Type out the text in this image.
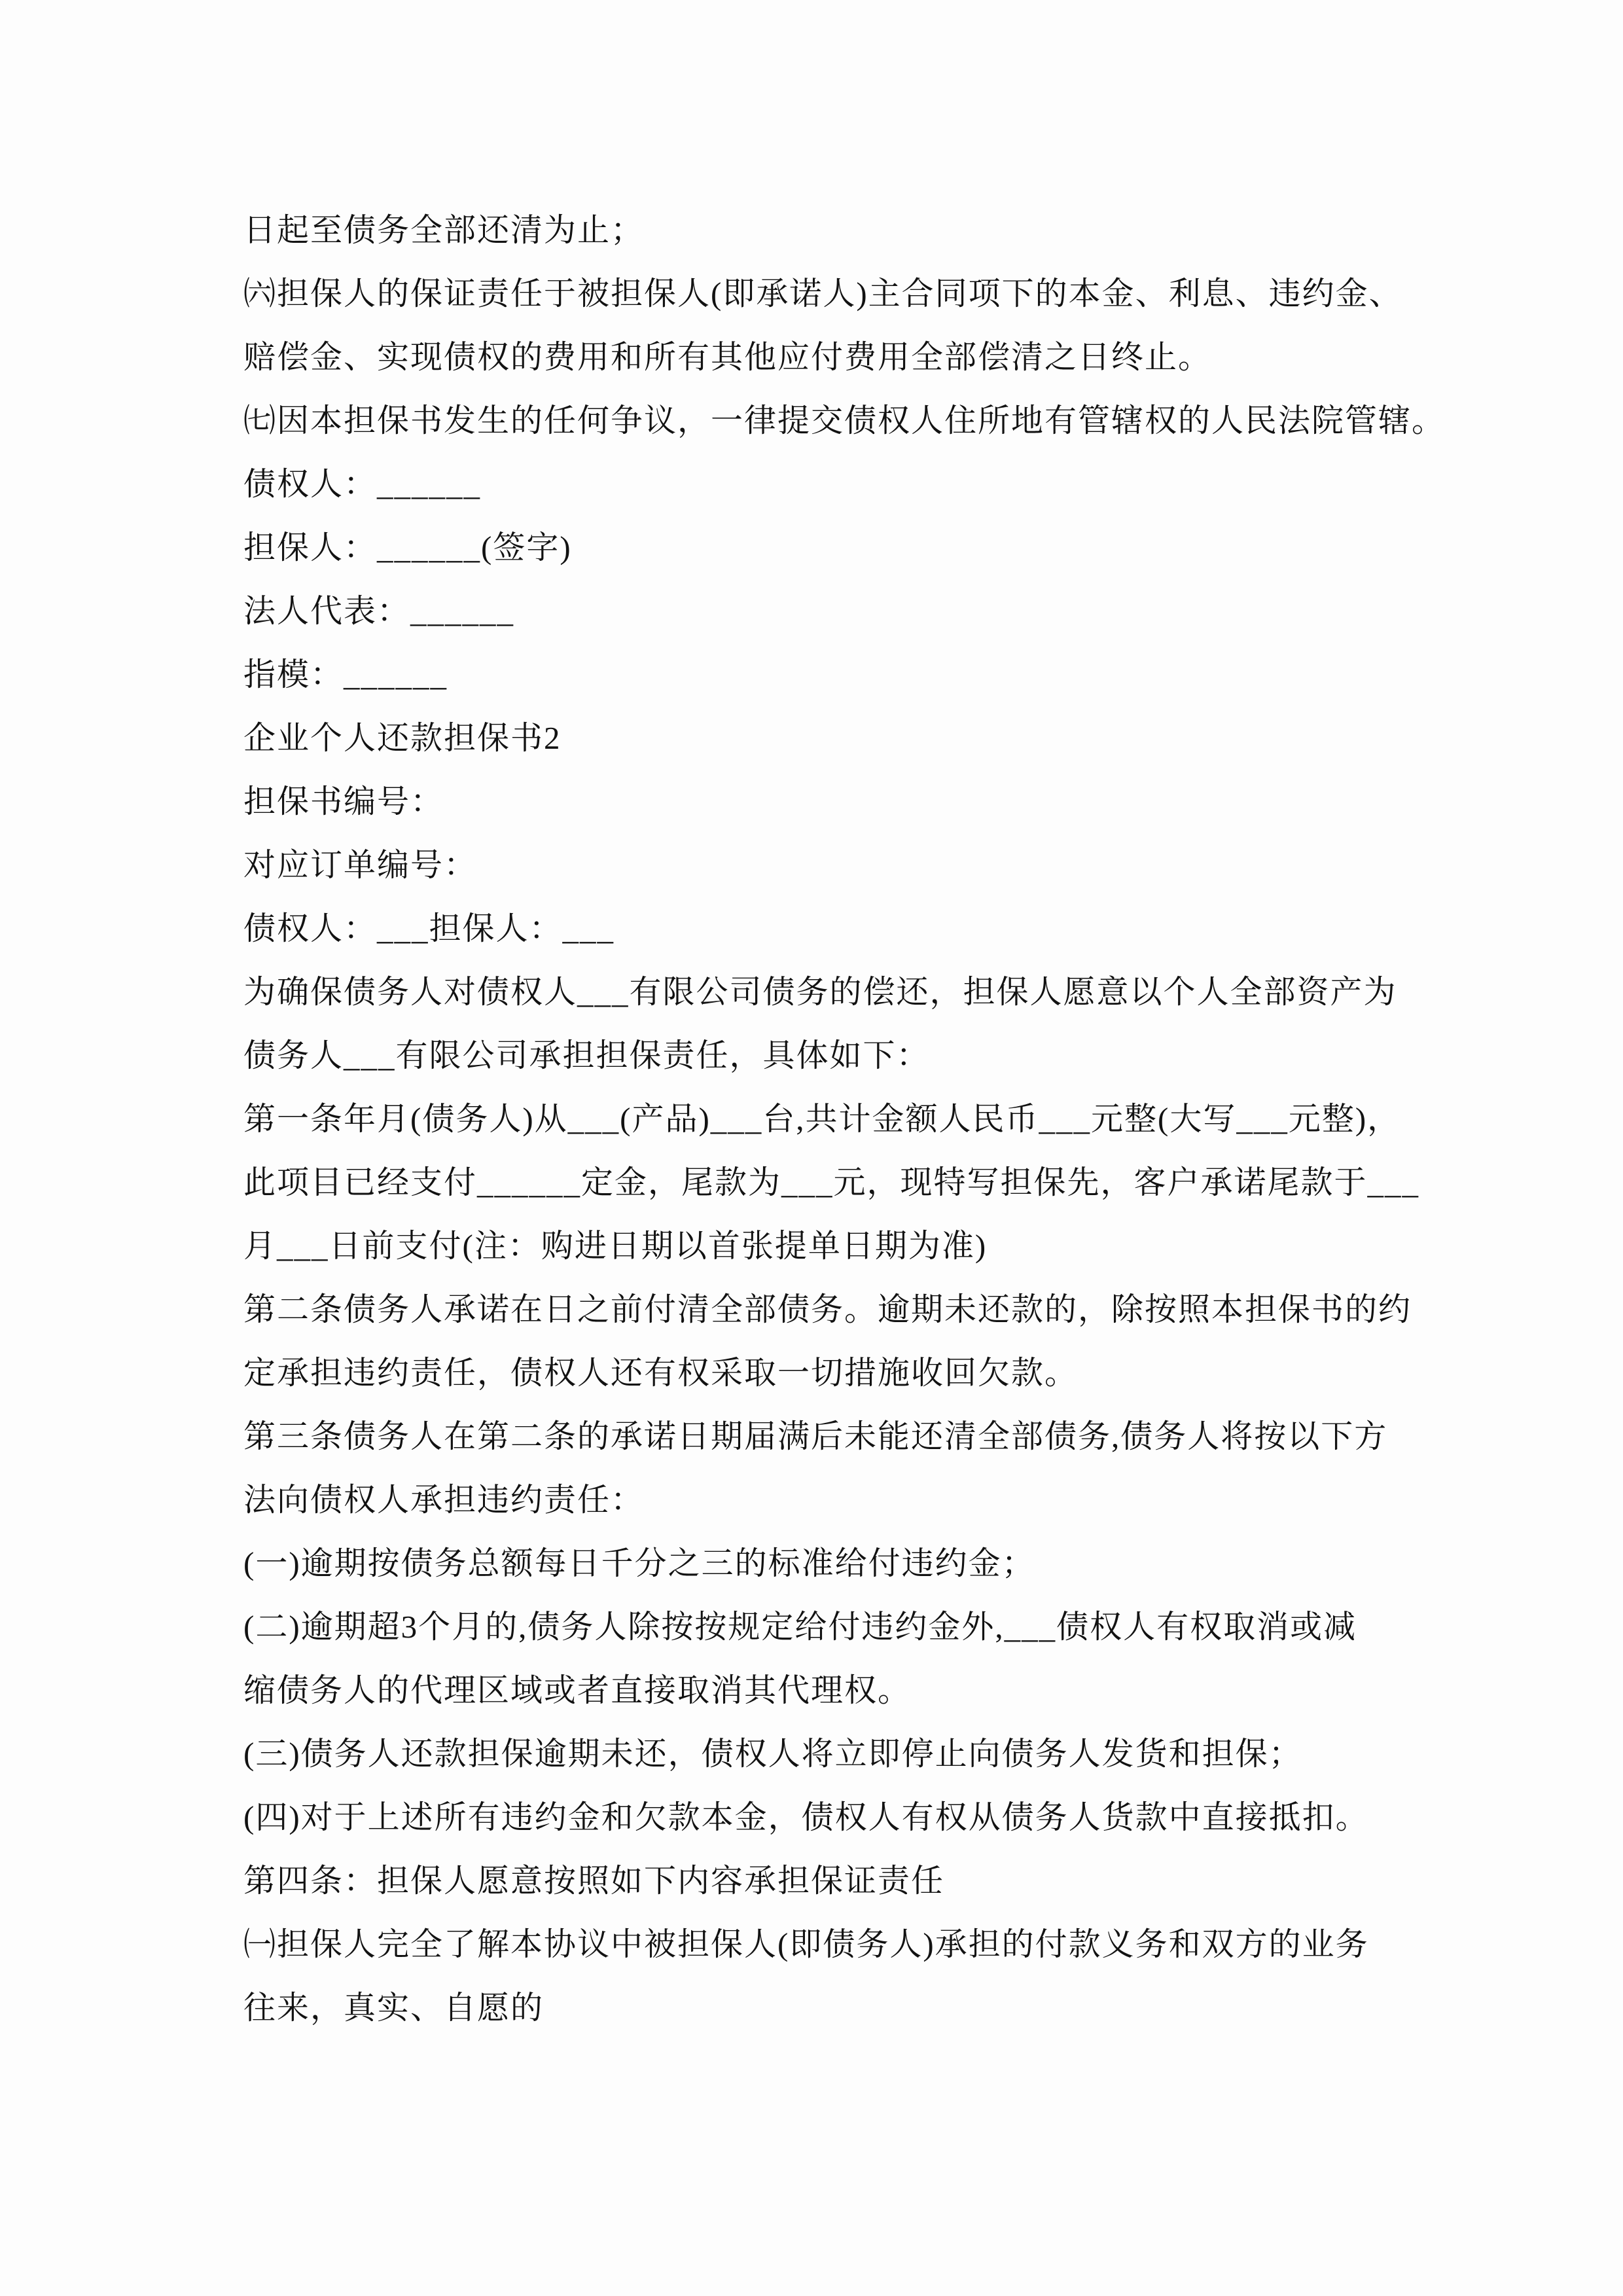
日起至债务全部还清为止；

㈥担保人的保证责任于被担保人(即承诺人)主合同项下的本金、利息、违约金、

赔偿金、实现债权的费用和所有其他应付费用全部偿清之日终止。

㈦因本担保书发生的任何争议，一律提交债权人住所地有管辖权的人民法院管辖。

债权人：______

担保人：______(签字)

法人代表：______

指模：______

企业个人还款担保书2

担保书编号：

对应订单编号：

债权人：___担保人：___

为确保债务人对债权人___有限公司债务的偿还，担保人愿意以个人全部资产为

债务人___有限公司承担担保责任，具体如下：

第一条年月(债务人)从___(产品)___台,共计金额人民币___元整(大写___元整)，

此项目已经支付______定金，尾款为___元，现特写担保先，客户承诺尾款于___

月___日前支付(注：购进日期以首张提单日期为准)

第二条债务人承诺在日之前付清全部债务。逾期未还款的，除按照本担保书的约

定承担违约责任，债权人还有权采取一切措施收回欠款。

第三条债务人在第二条的承诺日期届满后未能还清全部债务,债务人将按以下方

法向债权人承担违约责任：

(一)逾期按债务总额每日千分之三的标准给付违约金；

(二)逾期超3个月的,债务人除按按规定给付违约金外,___债权人有权取消或减

缩债务人的代理区域或者直接取消其代理权。

(三)债务人还款担保逾期未还，债权人将立即停止向债务人发货和担保；

(四)对于上述所有违约金和欠款本金，债权人有权从债务人货款中直接抵扣。

第四条：担保人愿意按照如下内容承担保证责任

㈠担保人完全了解本协议中被担保人(即债务人)承担的付款义务和双方的业务

往来，真实、自愿的
